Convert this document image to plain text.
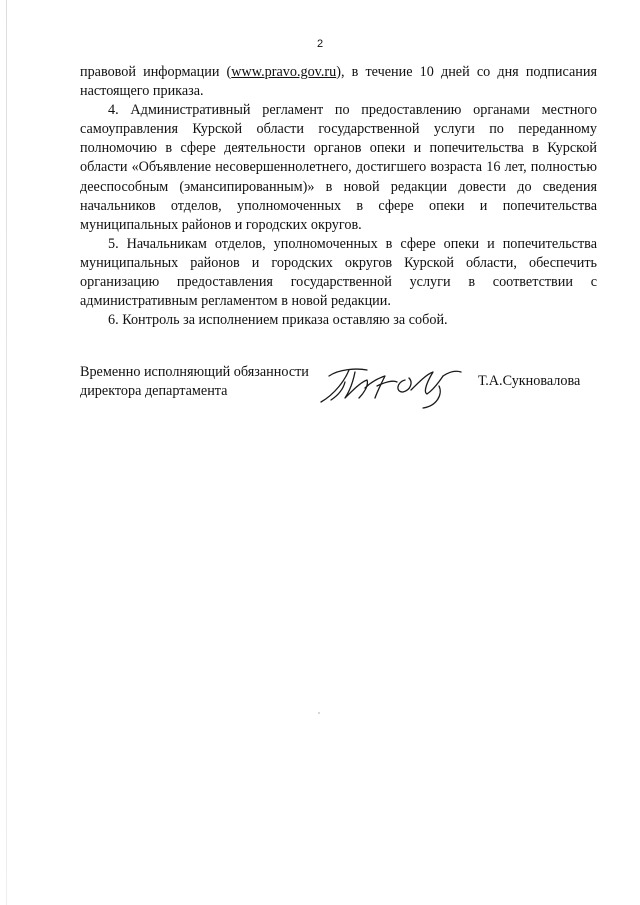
2

правовой информации (www.pravo.gov.ru), в течение 10 дней со дня подписания настоящего приказа.

4. Административный регламент по предоставлению органами местного самоуправления Курской области государственной услуги по переданному полномочию в сфере деятельности органов опеки и попечительства в Курской области «Объявление несовершеннолетнего, достигшего возраста 16 лет, полностью дееспособным (эмансипированным)» в новой редакции довести до сведения начальников отделов, уполномоченных в сфере опеки и попечительства муниципальных районов и городских округов.

5. Начальникам отделов, уполномоченных в сфере опеки и попечительства муниципальных районов и городских округов Курской области, обеспечить организацию предоставления государственной услуги в соответствии с административным регламентом в новой редакции.

6. Контроль за исполнением приказа оставляю за собой.

Временно исполняющий обязанности
директора департамента
Т.А.Сукновалова
